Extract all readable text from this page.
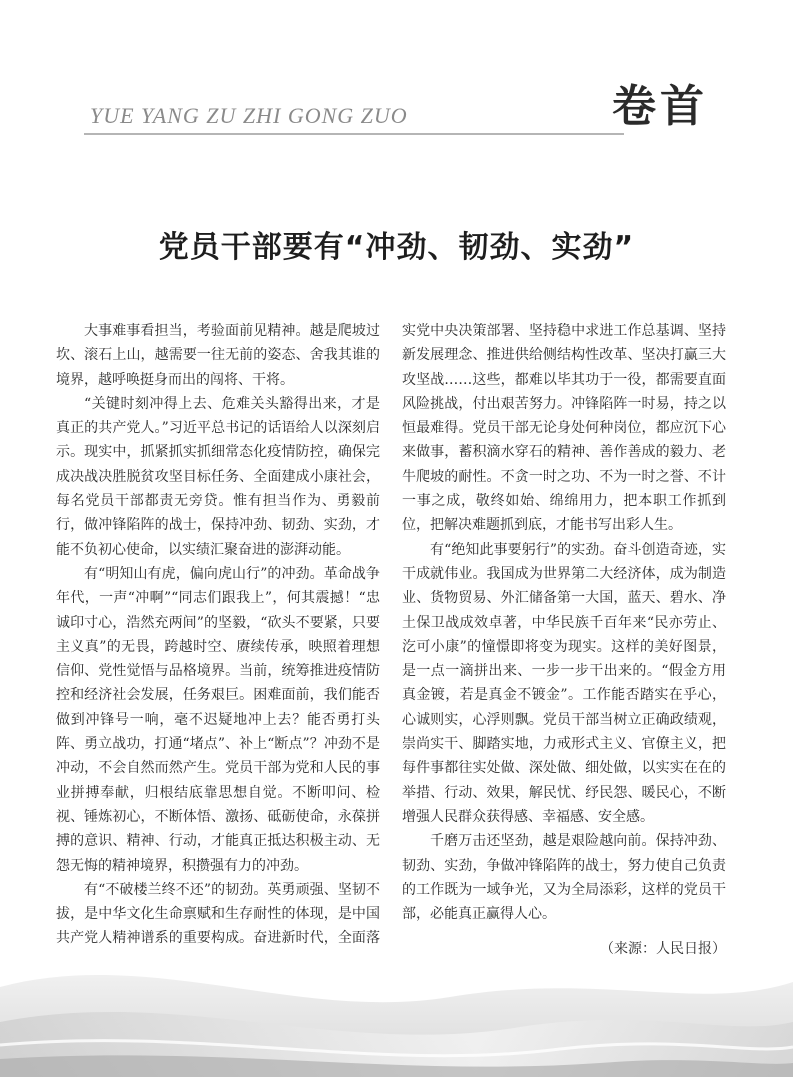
YUE YANG ZU ZHI GONG ZUO	卷首
党员干部要有“冲劲、韧劲、实劲”

大事难事看担当，考验面前见精神。越是爬坡过坎、滚石上山，越需要一往无前的姿态、舍我其谁的境界，越呼唤挺身而出的闯将、干将。

“关键时刻冲得上去、危难关头豁得出来，才是真正的共产党人。”习近平总书记的话语给人以深刻启示。现实中，抓紧抓实抓细常态化疫情防控，确保完成决战决胜脱贫攻坚目标任务、全面建成小康社会，每名党员干部都责无旁贷。惟有担当作为、勇毅前行，做冲锋陷阵的战士，保持冲劲、韧劲、实劲，才能不负初心使命，以实绩汇聚奋进的澎湃动能。

有“明知山有虎，偏向虎山行”的冲劲。革命战争年代，一声“冲啊”“同志们跟我上”，何其震撼！“忠诚印寸心，浩然充两间”的坚毅，“砍头不要紧，只要主义真”的无畏，跨越时空、赓续传承，映照着理想信仰、党性觉悟与品格境界。当前，统筹推进疫情防控和经济社会发展，任务艰巨。困难面前，我们能否做到冲锋号一响，毫不迟疑地冲上去？能否勇打头阵、勇立战功，打通“堵点”、补上“断点”？冲劲不是冲动，不会自然而然产生。党员干部为党和人民的事业拼搏奉献，归根结底靠思想自觉。不断叩问、检视、锤炼初心，不断体悟、激扬、砥砺使命，永葆拼搏的意识、精神、行动，才能真正抵达积极主动、无怨无悔的精神境界，积攒强有力的冲劲。

有“不破楼兰终不还”的韧劲。英勇顽强、坚韧不拔，是中华文化生命禀赋和生存耐性的体现，是中国共产党人精神谱系的重要构成。奋进新时代，全面落实党中央决策部署、坚持稳中求进工作总基调、坚持新发展理念、推进供给侧结构性改革、坚决打赢三大攻坚战……这些，都难以毕其功于一役，都需要直面风险挑战，付出艰苦努力。冲锋陷阵一时易，持之以恒最难得。党员干部无论身处何种岗位，都应沉下心来做事，蓄积滴水穿石的精神、善作善成的毅力、老牛爬坡的耐性。不贪一时之功、不为一时之誉、不计一事之成，敬终如始、绵绵用力，把本职工作抓到位，把解决难题抓到底，才能书写出彩人生。

有“绝知此事要躬行”的实劲。奋斗创造奇迹，实干成就伟业。我国成为世界第二大经济体，成为制造业、货物贸易、外汇储备第一大国，蓝天、碧水、净土保卫战成效卓著，中华民族千百年来“民亦劳止、汔可小康”的憧憬即将变为现实。这样的美好图景，是一点一滴拼出来、一步一步干出来的。“假金方用真金镀，若是真金不镀金”。工作能否踏实在乎心，心诚则实，心浮则飘。党员干部当树立正确政绩观，崇尚实干、脚踏实地，力戒形式主义、官僚主义，把每件事都往实处做、深处做、细处做，以实实在在的举措、行动、效果，解民忧、纾民怨、暖民心，不断增强人民群众获得感、幸福感、安全感。

千磨万击还坚劲，越是艰险越向前。保持冲劲、韧劲、实劲，争做冲锋陷阵的战士，努力使自己负责的工作既为一域争光，又为全局添彩，这样的党员干部，必能真正赢得人心。

（来源：人民日报）
